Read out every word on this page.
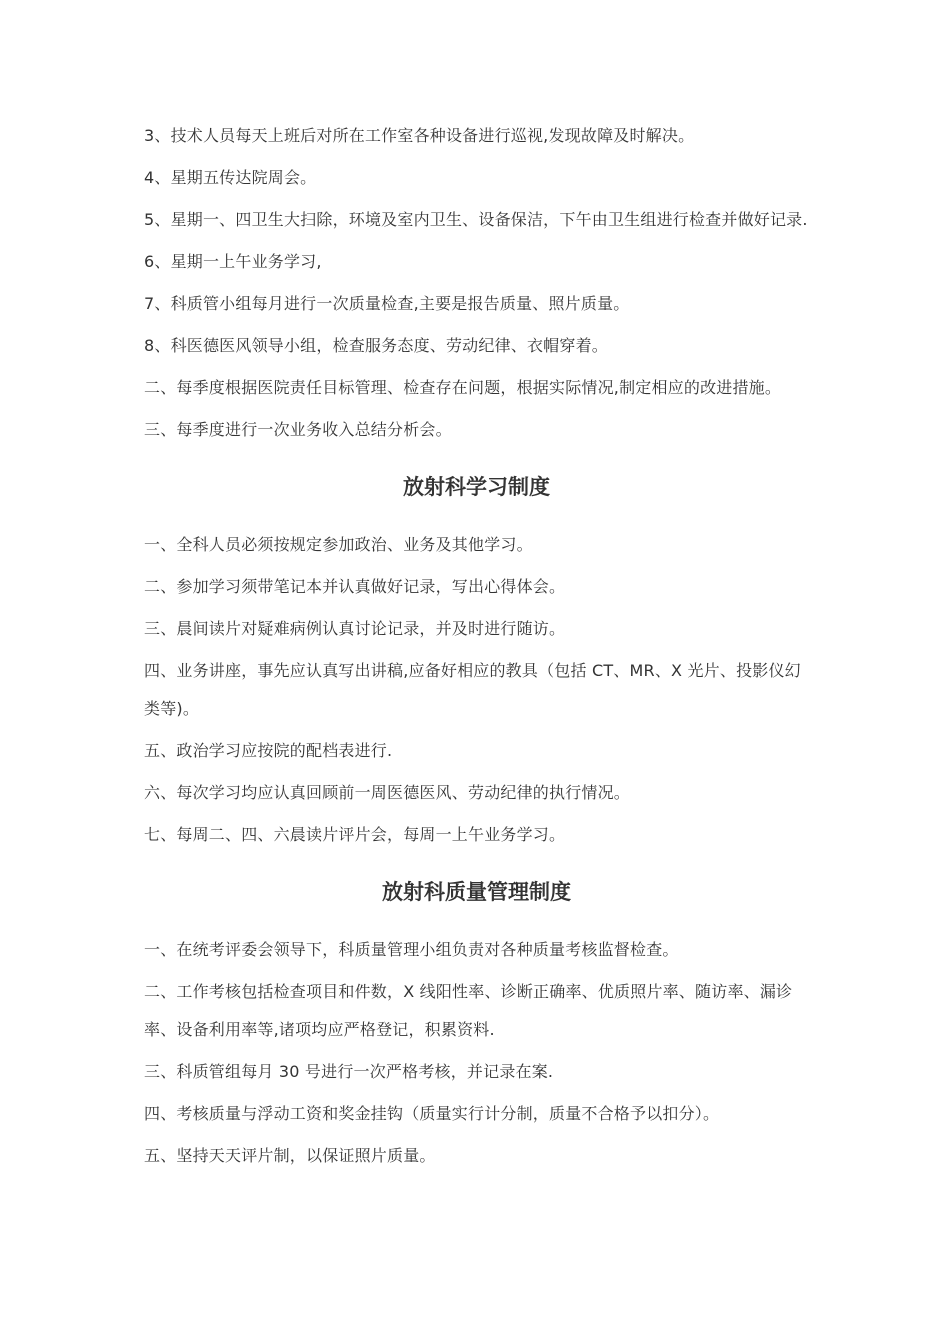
3、技术人员每天上班后对所在工作室各种设备进行巡视,发现故障及时解决。

4、星期五传达院周会。

5、星期一、四卫生大扫除，环境及室内卫生、设备保洁，下午由卫生组进行检查并做好记录.

6、星期一上午业务学习,

7、科质管小组每月进行一次质量检查,主要是报告质量、照片质量。

8、科医德医风领导小组，检查服务态度、劳动纪律、衣帽穿着。

二、每季度根据医院责任目标管理、检查存在问题，根据实际情况,制定相应的改进措施。

三、每季度进行一次业务收入总结分析会。

放射科学习制度

一、全科人员必须按规定参加政治、业务及其他学习。

二、参加学习须带笔记本并认真做好记录，写出心得体会。

三、晨间读片对疑难病例认真讨论记录，并及时进行随访。

四、业务讲座，事先应认真写出讲稿,应备好相应的教具（包括 CT、MR、X 光片、投影仪幻类等)。

五、政治学习应按院的配档表进行.

六、每次学习均应认真回顾前一周医德医风、劳动纪律的执行情况。

七、每周二、四、六晨读片评片会，每周一上午业务学习。

放射科质量管理制度

一、在统考评委会领导下，科质量管理小组负责对各种质量考核监督检查。

二、工作考核包括检查项目和件数，X 线阳性率、诊断正确率、优质照片率、随访率、漏诊率、设备利用率等,诸项均应严格登记，积累资料.

三、科质管组每月 30 号进行一次严格考核，并记录在案.

四、考核质量与浮动工资和奖金挂钩（质量实行计分制，质量不合格予以扣分）。

五、坚持天天评片制，以保证照片质量。
